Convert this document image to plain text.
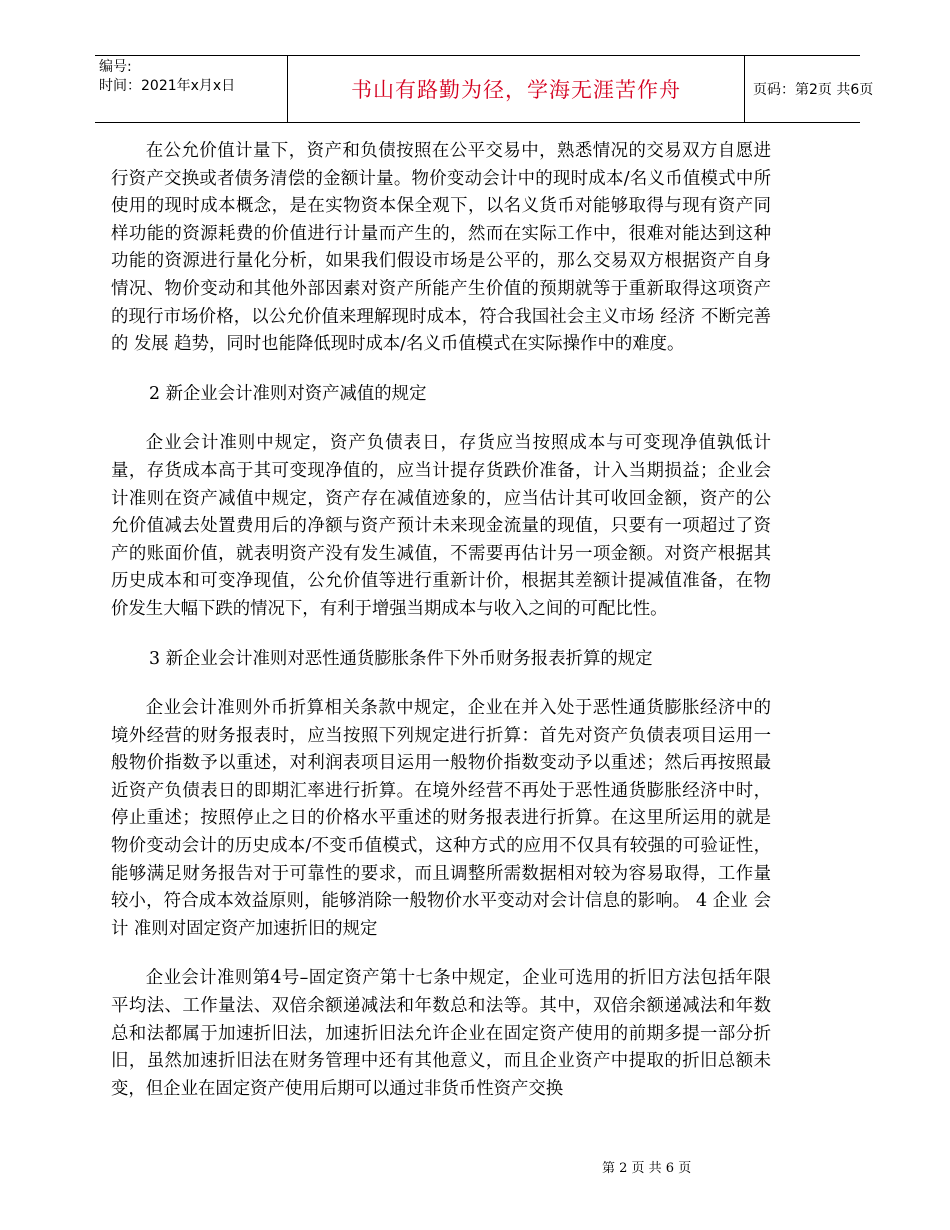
编号:
时间：2021年x月x日	书山有路勤为径，学海无涯苦作舟	页码：第2页 共6页

在公允价值计量下，资产和负债按照在公平交易中，熟悉情况的交易双方自愿进行资产交换或者债务清偿的金额计量。物价变动会计中的现时成本/名义币值模式中所使用的现时成本概念，是在实物资本保全观下，以名义货币对能够取得与现有资产同样功能的资源耗费的价值进行计量而产生的，然而在实际工作中，很难对能达到这种功能的资源进行量化分析，如果我们假设市场是公平的，那么交易双方根据资产自身情况、物价变动和其他外部因素对资产所能产生价值的预期就等于重新取得这项资产的现行市场价格，以公允价值来理解现时成本，符合我国社会主义市场 经济 不断完善的 发展 趋势，同时也能降低现时成本/名义币值模式在实际操作中的难度。

2 新企业会计准则对资产减值的规定

企业会计准则中规定，资产负债表日，存货应当按照成本与可变现净值孰低计量，存货成本高于其可变现净值的，应当计提存货跌价准备，计入当期损益；企业会计准则在资产减值中规定，资产存在减值迹象的，应当估计其可收回金额，资产的公允价值减去处置费用后的净额与资产预计未来现金流量的现值，只要有一项超过了资产的账面价值，就表明资产没有发生减值，不需要再估计另一项金额。对资产根据其历史成本和可变净现值，公允价值等进行重新计价，根据其差额计提减值准备，在物价发生大幅下跌的情况下，有利于增强当期成本与收入之间的可配比性。

3 新企业会计准则对恶性通货膨胀条件下外币财务报表折算的规定

企业会计准则外币折算相关条款中规定，企业在并入处于恶性通货膨胀经济中的境外经营的财务报表时，应当按照下列规定进行折算：首先对资产负债表项目运用一般物价指数予以重述，对利润表项目运用一般物价指数变动予以重述；然后再按照最近资产负债表日的即期汇率进行折算。在境外经营不再处于恶性通货膨胀经济中时，停止重述；按照停止之日的价格水平重述的财务报表进行折算。在这里所运用的就是物价变动会计的历史成本/不变币值模式，这种方式的应用不仅具有较强的可验证性，能够满足财务报告对于可靠性的要求，而且调整所需数据相对较为容易取得，工作量较小，符合成本效益原则，能够消除一般物价水平变动对会计信息的影响。 4 企业 会计 准则对固定资产加速折旧的规定

企业会计准则第4号–固定资产第十七条中规定，企业可选用的折旧方法包括年限平均法、工作量法、双倍余额递减法和年数总和法等。其中，双倍余额递减法和年数总和法都属于加速折旧法，加速折旧法允许企业在固定资产使用的前期多提一部分折旧，虽然加速折旧法在财务管理中还有其他意义，而且企业资产中提取的折旧总额未变，但企业在固定资产使用后期可以通过非货币性资产交换

第 2 页 共 6 页
